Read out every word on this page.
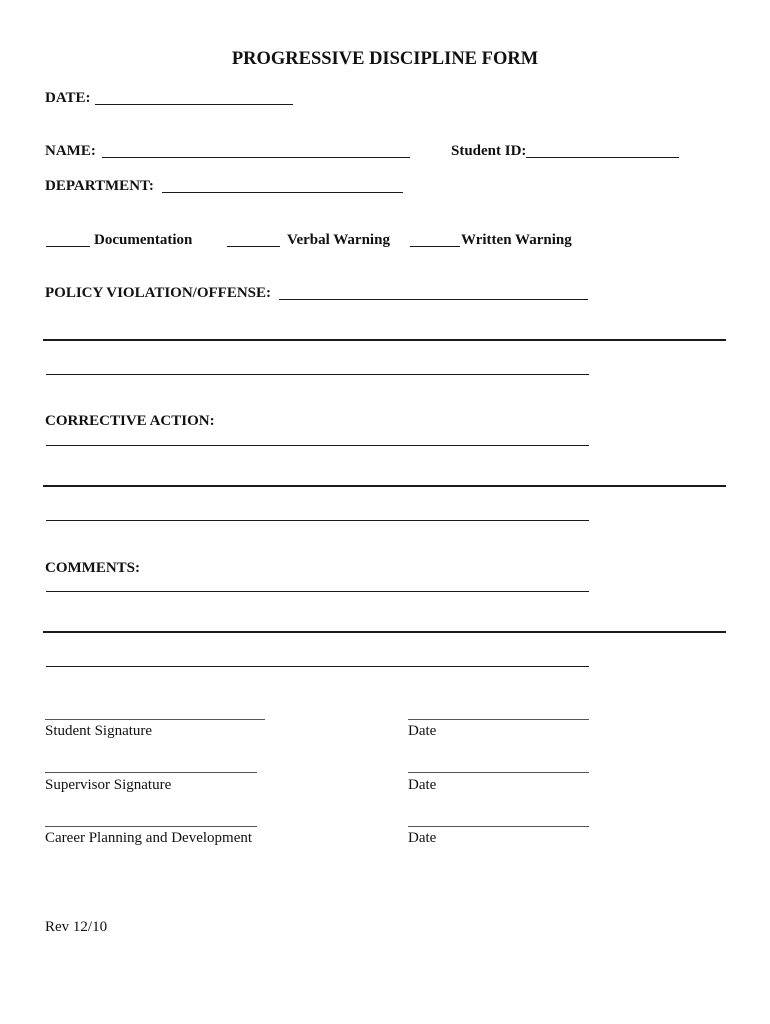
PROGRESSIVE DISCIPLINE FORM
DATE:
NAME:	Student ID:
DEPARTMENT:
Documentation	Verbal Warning	Written Warning
POLICY VIOLATION/OFFENSE:
CORRECTIVE ACTION:
COMMENTS:
Student Signature	Date
Supervisor Signature	Date
Career Planning and Development	Date
Rev 12/10
